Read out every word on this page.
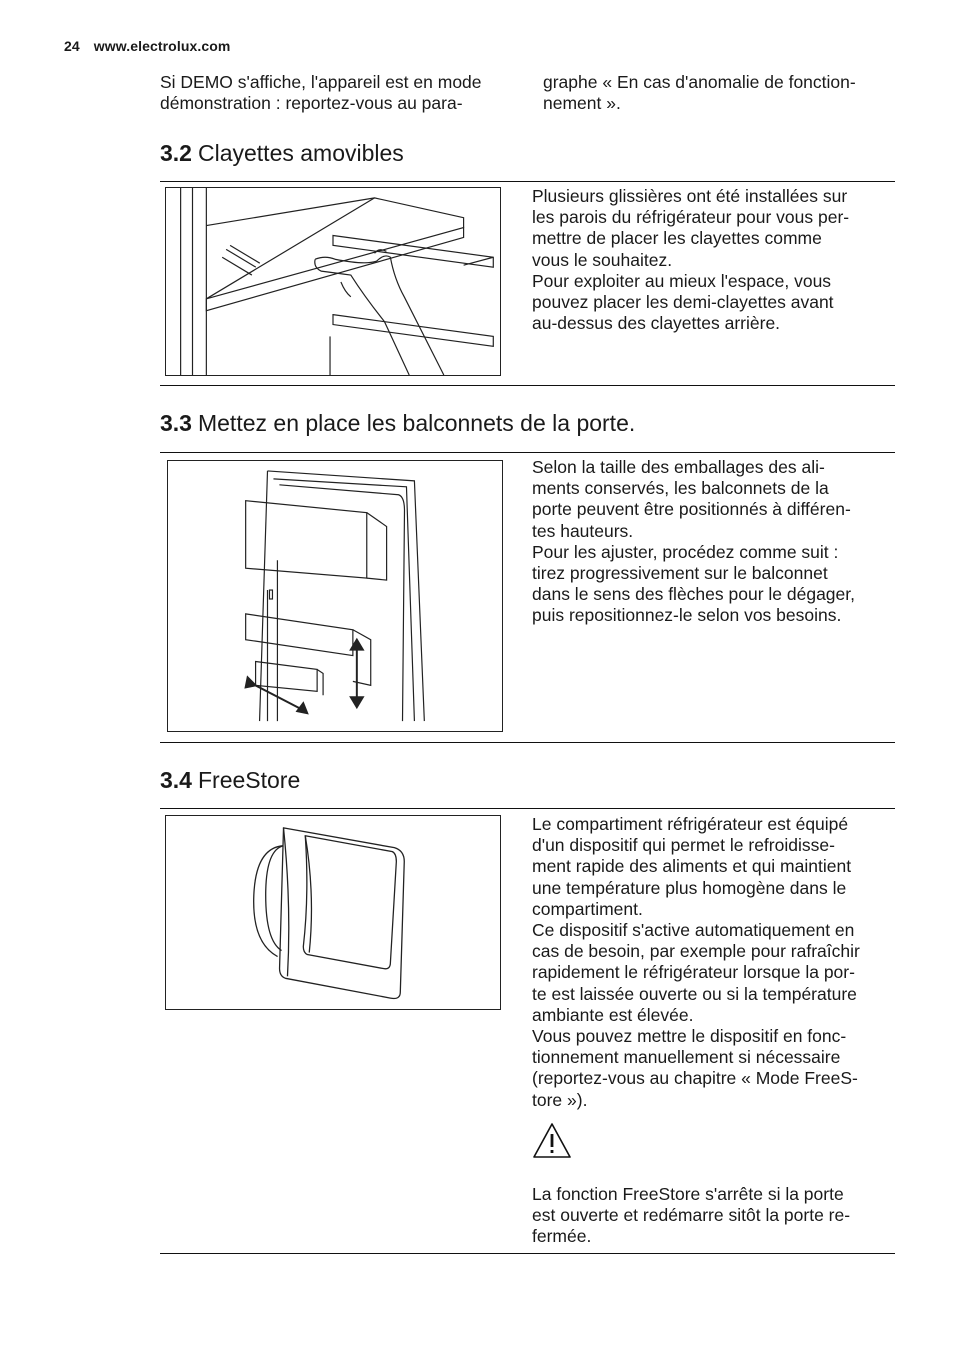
24 www.electrolux.com

Si DEMO s'affiche, l'appareil est en mode
démonstration : reportez-vous au para-

graphe « En cas d'anomalie de fonction-
nement ».

3.2 Clayettes amovibles

Plusieurs glissières ont été installées sur
les parois du réfrigérateur pour vous per-
mettre de placer les clayettes comme
vous le souhaitez.

Pour exploiter au mieux l'espace, vous
pouvez placer les demi-clayettes avant
au-dessus des clayettes arrière.

3.3 Mettez en place les balconnets de la porte.

Selon la taille des emballages des ali-
ments conservés, les balconnets de la
porte peuvent être positionnés à différen-
tes hauteurs.

Pour les ajuster, procédez comme suit :
tirez progressivement sur le balconnet
dans le sens des flèches pour le dégager,
puis repositionnez-le selon vos besoins.

3.4 FreeStore

Le compartiment réfrigérateur est équipé
d'un dispositif qui permet le refroidisse-
ment rapide des aliments et qui maintient
une température plus homogène dans le
compartiment.

Ce dispositif s'active automatiquement en
cas de besoin, par exemple pour rafraîchir
rapidement le réfrigérateur lorsque la por-
te est laissée ouverte ou si la température
ambiante est élevée.

Vous pouvez mettre le dispositif en fonc-
tionnement manuellement si nécessaire
(reportez-vous au chapitre « Mode FreeS-
tore »).

La fonction FreeStore s'arrête si la porte
est ouverte et redémarre sitôt la porte re-
fermée.
